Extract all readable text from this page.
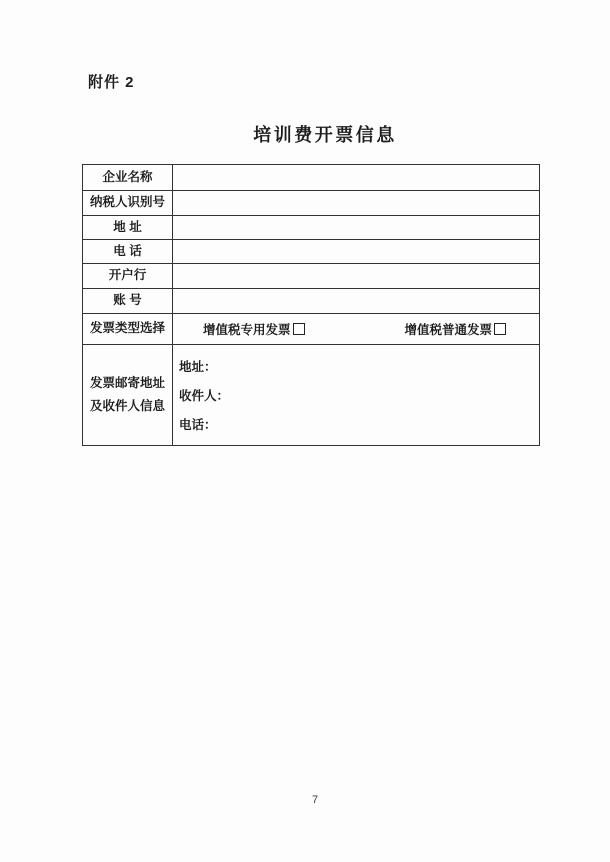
附件 2
培训费开票信息
企业名称
纳税人识别号
地 址
电 话
开户行
账 号
发票类型选择	增值税专用发票	增值税普通发票
发票邮寄地址
及收件人信息
地址：
收件人：
电话：
7
